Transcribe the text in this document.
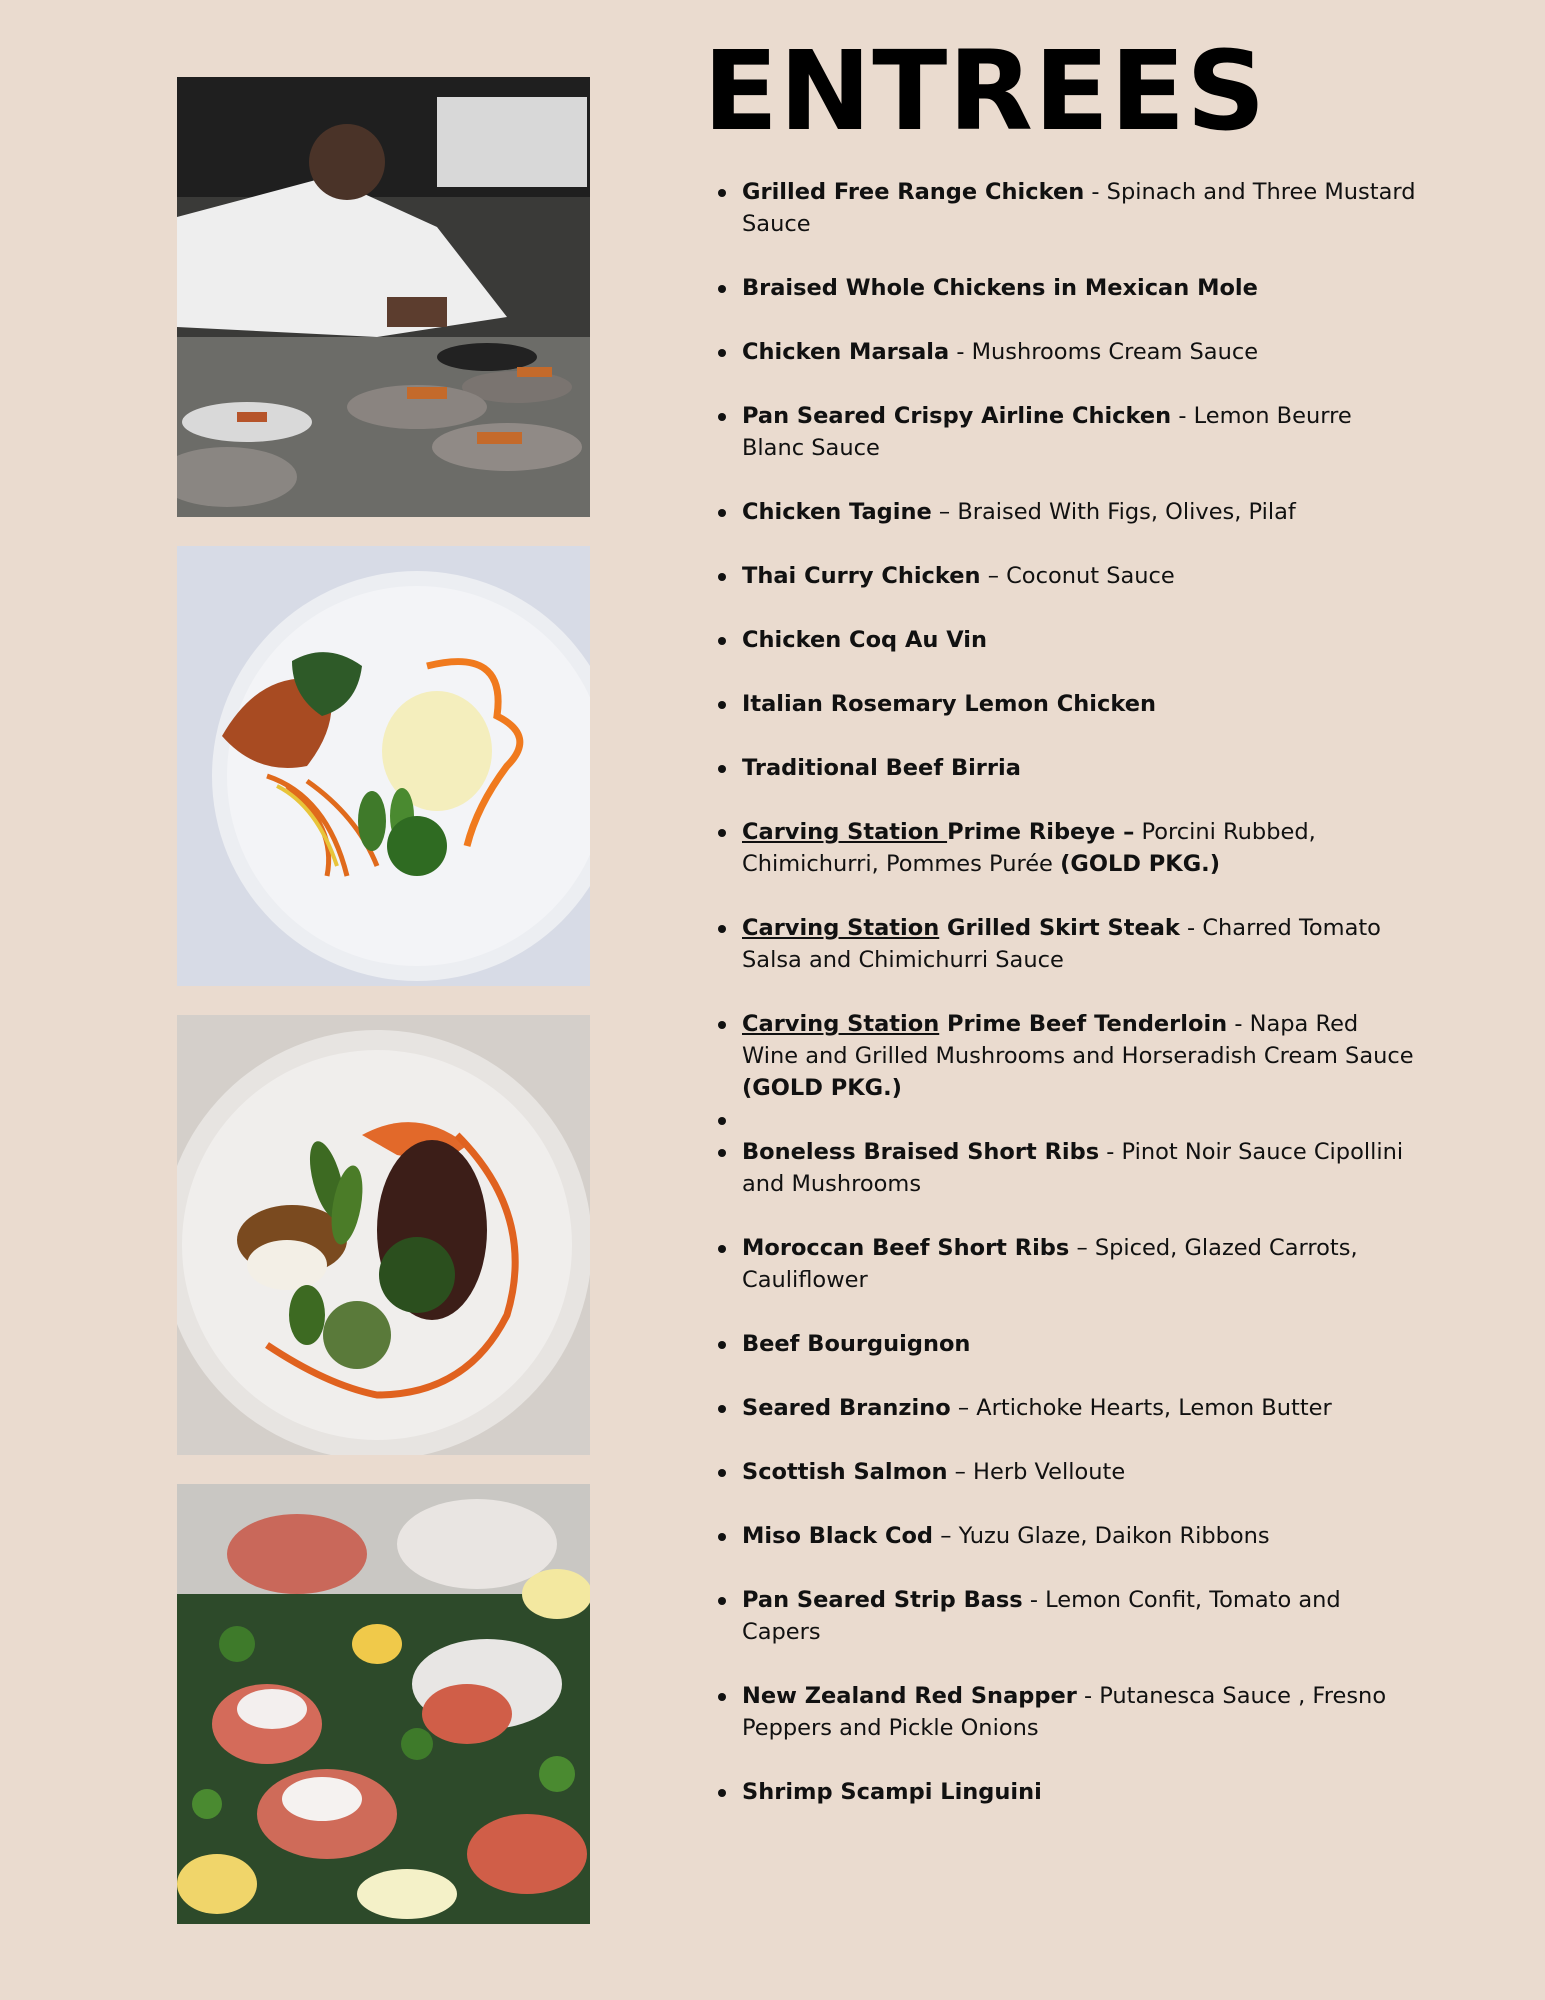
ENTREES
Grilled Free Range Chicken - Spinach and Three Mustard Sauce
Braised Whole Chickens in Mexican Mole
Chicken Marsala - Mushrooms Cream Sauce
Pan Seared Crispy Airline Chicken - Lemon Beurre Blanc Sauce
Chicken Tagine – Braised With Figs, Olives, Pilaf
Thai Curry Chicken – Coconut Sauce
Chicken Coq Au Vin
Italian Rosemary Lemon Chicken
Traditional Beef Birria
Carving Station Prime Ribeye – Porcini Rubbed, Chimichurri, Pommes Purée (GOLD PKG.)
Carving Station Grilled Skirt Steak - Charred Tomato Salsa and Chimichurri Sauce
Carving Station Prime Beef Tenderloin - Napa Red Wine and Grilled Mushrooms and Horseradish Cream Sauce (GOLD PKG.)
Boneless Braised Short Ribs - Pinot Noir Sauce Cipollini and Mushrooms
Moroccan Beef Short Ribs – Spiced, Glazed Carrots, Cauliflower
Beef Bourguignon
Seared Branzino – Artichoke Hearts, Lemon Butter
Scottish Salmon – Herb Velloute
Miso Black Cod – Yuzu Glaze, Daikon Ribbons
Pan Seared Strip Bass - Lemon Confit, Tomato and Capers
New Zealand Red Snapper - Putanesca Sauce , Fresno Peppers and Pickle Onions
Shrimp Scampi Linguini
